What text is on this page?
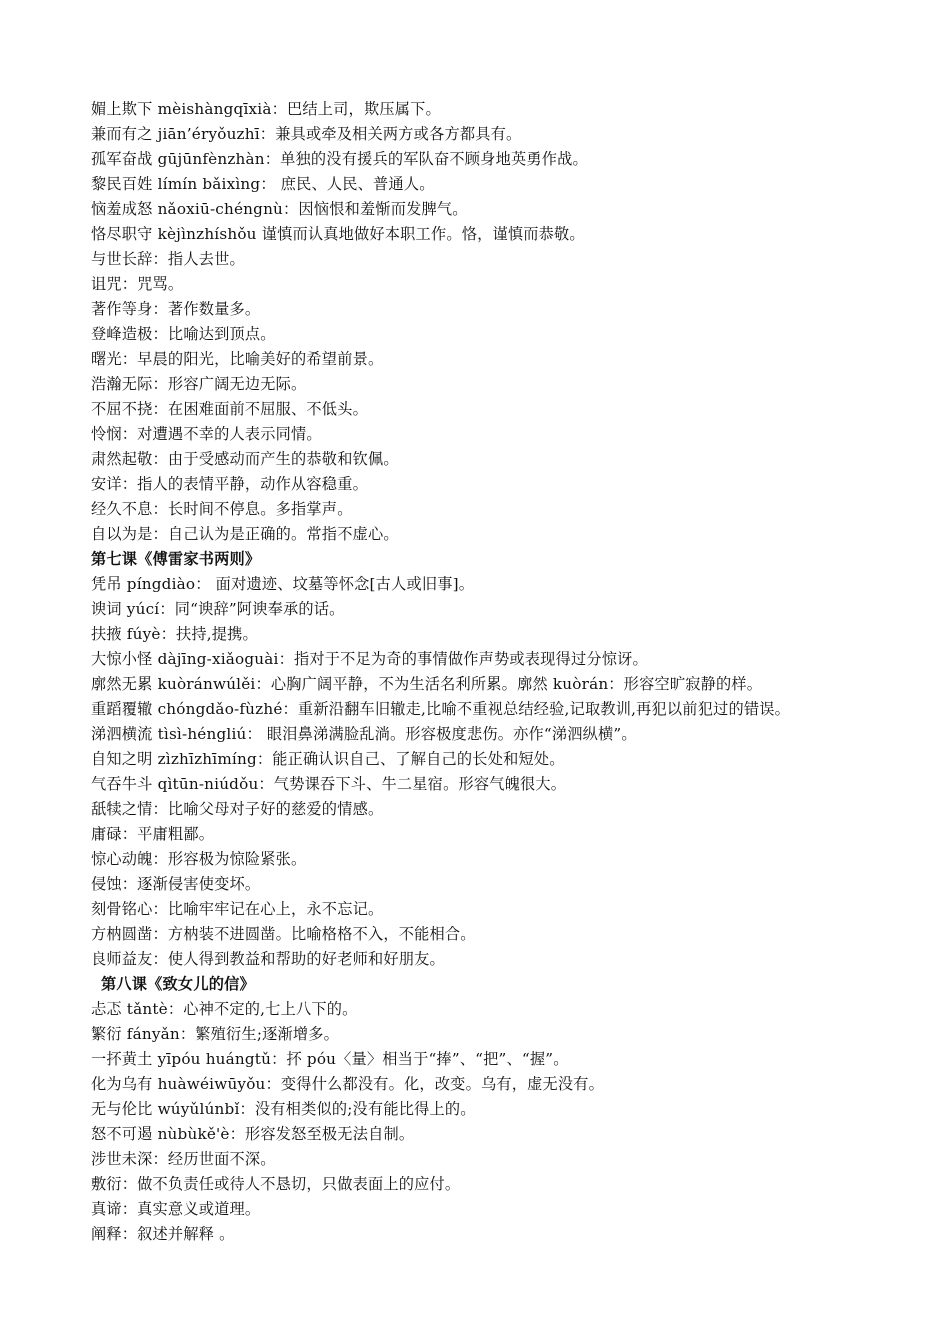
媚上欺下 mèishàngqīxià：巴结上司，欺压属下。
兼而有之 jiān’éryǒuzhī：兼具或牵及相关两方或各方都具有。
孤军奋战 gūjūnfènzhàn：单独的没有援兵的军队奋不顾身地英勇作战。
黎民百姓 límín bǎixìng： 庶民、人民、普通人。
恼羞成怒 nǎoxiū-chéngnù：因恼恨和羞惭而发脾气。
恪尽职守 kèjìnzhíshǒu 谨慎而认真地做好本职工作。恪，谨慎而恭敬。
与世长辞：指人去世。
诅咒：咒骂。
著作等身：著作数量多。
登峰造极：比喻达到顶点。
曙光：早晨的阳光，比喻美好的希望前景。
浩瀚无际：形容广阔无边无际。
不屈不挠：在困难面前不屈服、不低头。
怜悯：对遭遇不幸的人表示同情。
肃然起敬：由于受感动而产生的恭敬和钦佩。
安详：指人的表情平静，动作从容稳重。
经久不息：长时间不停息。多指掌声。
自以为是：自己认为是正确的。常指不虚心。
第七课《傅雷家书两则》
凭吊 píngdiào： 面对遗迹、坟墓等怀念[古人或旧事]。
谀词 yúcí：同“谀辞”阿谀奉承的话。
扶掖 fúyè：扶持,提携。
大惊小怪 dàjīng-xiǎoguài：指对于不足为奇的事情做作声势或表现得过分惊讶。
廓然无累 kuòránwúlěi：心胸广阔平静，不为生活名利所累。廓然 kuòrán：形容空旷寂静的样。
重蹈覆辙 chóngdǎo-fùzhé：重新沿翻车旧辙走,比喻不重视总结经验,记取教训,再犯以前犯过的错误。
涕泗横流 tìsì-héngliú： 眼泪鼻涕满脸乱淌。形容极度悲伤。亦作“涕泗纵横”。
自知之明 zìzhīzhīmíng：能正确认识自己、了解自己的长处和短处。
气吞牛斗 qìtūn-niúdǒu：气势课吞下斗、牛二星宿。形容气魄很大。
舐犊之情：比喻父母对子好的慈爱的情感。
庸碌：平庸粗鄙。
惊心动魄：形容极为惊险紧张。
侵蚀：逐渐侵害使变坏。
刻骨铭心：比喻牢牢记在心上，永不忘记。
方枘圆凿：方枘装不进圆凿。比喻格格不入，不能相合。
良师益友：使人得到教益和帮助的好老师和好朋友。
第八课《致女儿的信》
忐忑 tǎntè：心神不定的,七上八下的。
繁衍 fányǎn：繁殖衍生;逐渐增多。
一抔黄土 yīpóu huángtǔ：抔 póu〈量〉相当于“捧”、“把”、“握”。
化为乌有 huàwéiwūyǒu：变得什么都没有。化，改变。乌有，虚无没有。
无与伦比 wúyǔlúnbǐ：没有相类似的;没有能比得上的。
怒不可遏 nùbùkě'è：形容发怒至极无法自制。
涉世未深：经历世面不深。
敷衍：做不负责任或待人不恳切，只做表面上的应付。
真谛：真实意义或道理。
阐释：叙述并解释 。
